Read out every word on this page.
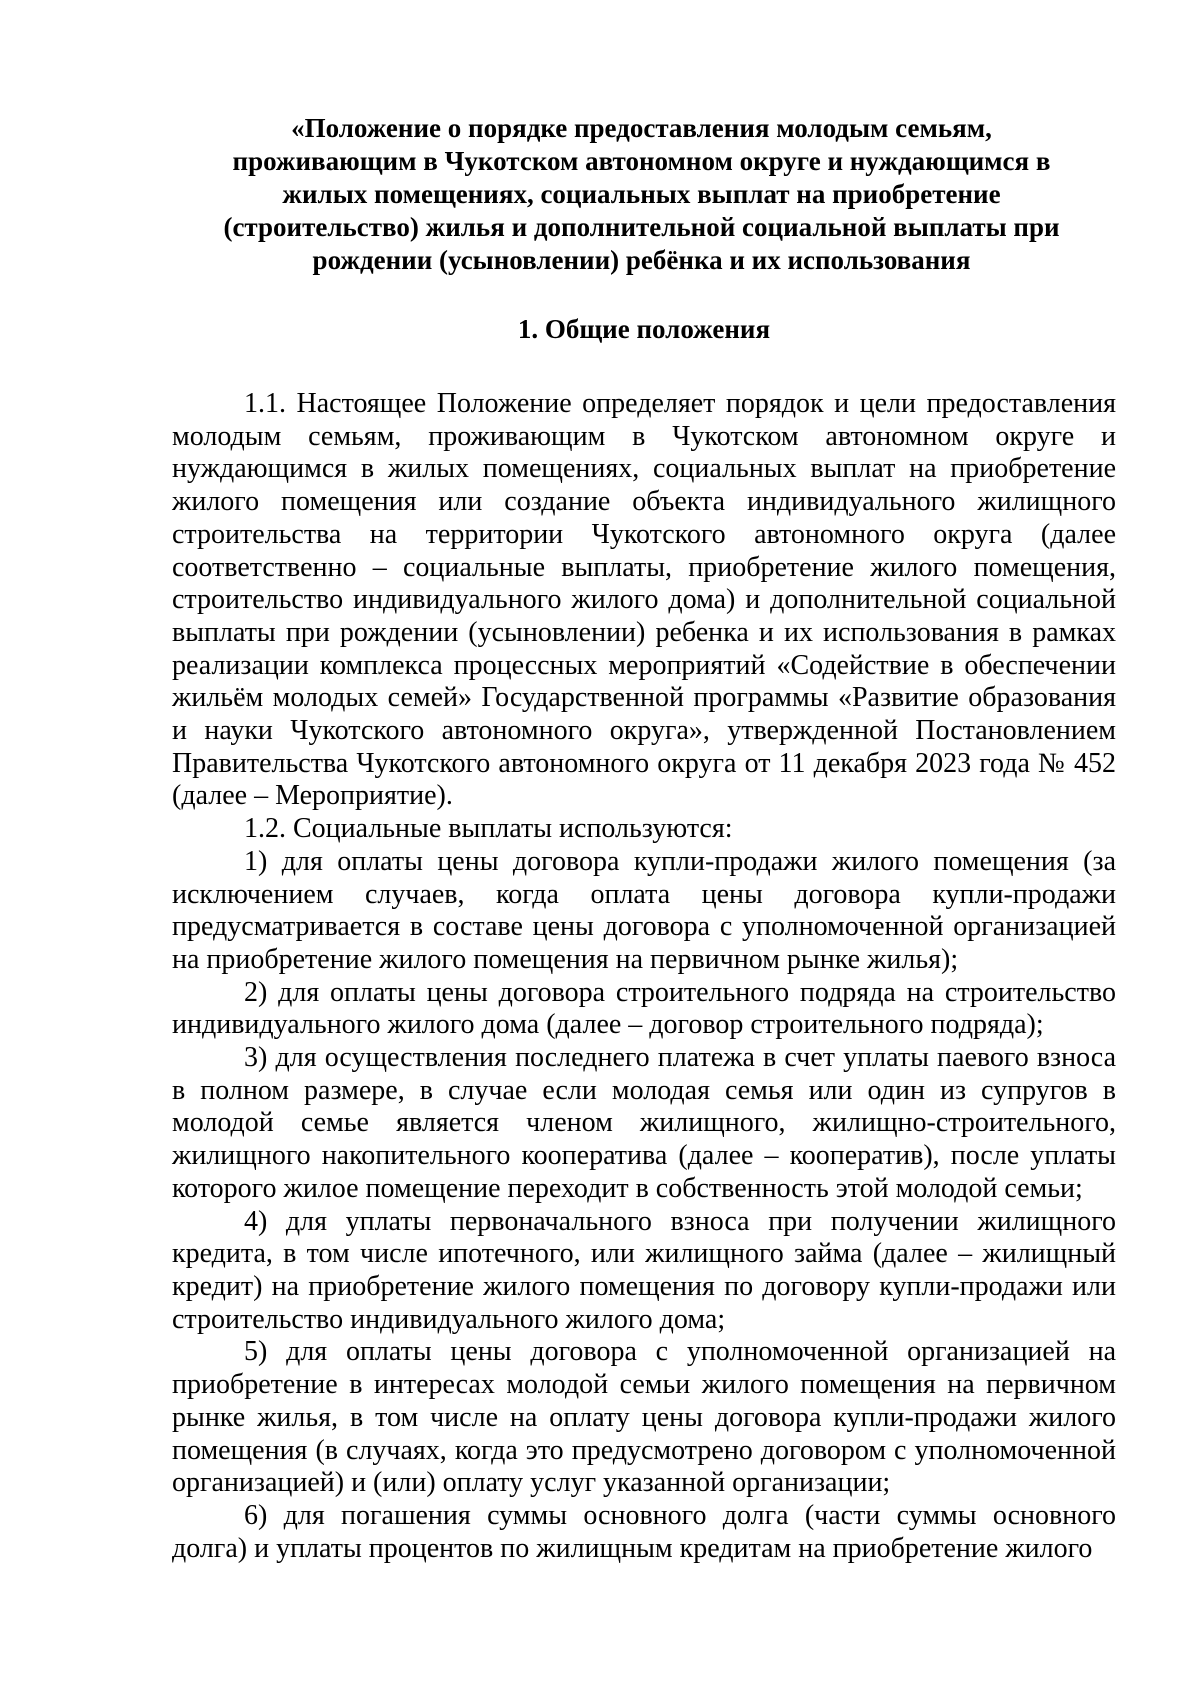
«Положение о порядке предоставления молодым семьям,
проживающим в Чукотском автономном округе и нуждающимся в
жилых помещениях, социальных выплат на приобретение
(строительство) жилья и дополнительной социальной выплаты при
рождении (усыновлении) ребёнка и их использования
1. Общие положения

1.1. Настоящее Положение определяет порядок и цели предоставления молодым семьям, проживающим в Чукотском автономном округе и нуждающимся в жилых помещениях, социальных выплат на приобретение жилого помещения или создание объекта индивидуального жилищного строительства на территории Чукотского автономного округа (далее соответственно – социальные выплаты, приобретение жилого помещения, строительство индивидуального жилого дома) и дополнительной социальной выплаты при рождении (усыновлении) ребенка и их использования в рамках реализации комплекса процессных мероприятий «Содействие в обеспечении жильём молодых семей» Государственной программы «Развитие образования и науки Чукотского автономного округа», утвержденной Постановлением Правительства Чукотского автономного округа от 11 декабря 2023 года № 452 (далее – Мероприятие).

1.2. Социальные выплаты используются:

1) для оплаты цены договора купли-продажи жилого помещения (за исключением случаев, когда оплата цены договора купли-продажи предусматривается в составе цены договора с уполномоченной организацией на приобретение жилого помещения на первичном рынке жилья);

2) для оплаты цены договора строительного подряда на строительство индивидуального жилого дома (далее – договор строительного подряда);

3) для осуществления последнего платежа в счет уплаты паевого взноса в полном размере, в случае если молодая семья или один из супругов в молодой семье является членом жилищного, жилищно-строительного, жилищного накопительного кооператива (далее – кооператив), после уплаты которого жилое помещение переходит в собственность этой молодой семьи;

4) для уплаты первоначального взноса при получении жилищного кредита, в том числе ипотечного, или жилищного займа (далее – жилищный кредит) на приобретение жилого помещения по договору купли-продажи или строительство индивидуального жилого дома;

5) для оплаты цены договора с уполномоченной организацией на приобретение в интересах молодой семьи жилого помещения на первичном рынке жилья, в том числе на оплату цены договора купли-продажи жилого помещения (в случаях, когда это предусмотрено договором с уполномоченной организацией) и (или) оплату услуг указанной организации;

6) для погашения суммы основного долга (части суммы основного долга) и уплаты процентов по жилищным кредитам на приобретение жилого
